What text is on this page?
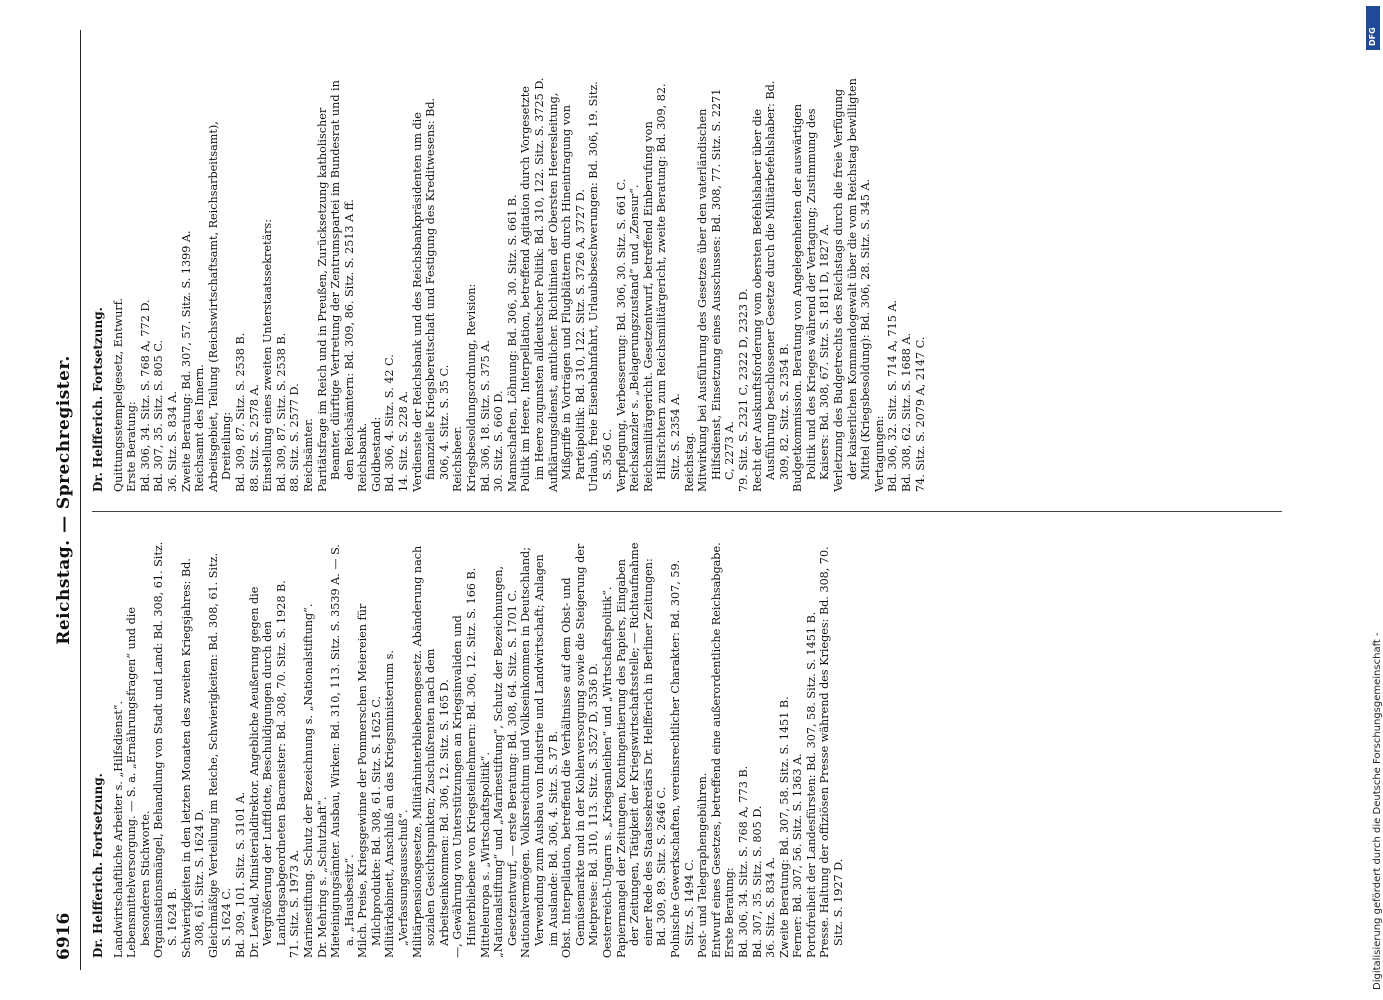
6916
Reichstag. — Sprechregister.
Dr. Helfferich. Fortsetzung. Landwirtschaftliche Arbeiter s. „Hilfsdienst“. Lebensmittelversorgung. — S. a. „Ernährungsfragen“ und die besonderen Stichworte. Organisationsmängel, Behandlung von Stadt und Land: Bd. 308, 61. Sitz. S. 1624 B. Schwierigkeiten in den letzten Monaten des zweiten Kriegsjahres: Bd. 308, 61. Sitz. S. 1624 D. Gleichmäßige Verteilung im Reiche, Schwierigkeiten: Bd. 308, 61. Sitz. S. 1624 C. Bd. 309, 101. Sitz. S. 3101 A. Dr. Lewald, Ministerialdirektor. Angebliche Aeußerung gegen die Vergrößerung der Luftflotte, Beschuldigungen durch den Landtagsabgeordneten Bacmeister: Bd. 308, 70. Sitz. S. 1928 B. 71. Sitz. S. 1973 A. Marinestiftung. Schutz der Bezeichnung s. „Nationalstiftung“. Dr. Mehring s. „Schutzhaft“. Mieteinigungsämter. Ausbau, Wirken: Bd. 310, 113. Sitz. S. 3539 A. — S. a. „Hausbesitz“. Milch. Preise, Kriegsgewinne der Pommerschen Meiereien für Milchprodukte: Bd. 308, 61. Sitz. S. 1625 C. Militärkabinett, Anschluß an das Kriegsministerium s. „Verfassungsausschuß“. Militärpensionsgesetze, Militärhinterbliebenengesetz. Abänderung nach sozialen Gesichtspunkten; Zuschußrenten nach dem Arbeitseinkommen: Bd. 306, 12. Sitz. S. 165 D. —, Gewährung von Unterstützungen an Kriegsinvaliden und Hinterbliebene von Kriegsteilnehmern: Bd. 306, 12. Sitz. S. 166 B. Mitteleuropa s. „Wirtschaftspolitik“. „Nationalstiftung“ und „Marinestiftung“, Schutz der Bezeichnungen, Gesetzentwurf, — erste Beratung: Bd. 308, 64. Sitz. S. 1701 C. Nationalvermögen. Volksreichtum und Volkseinkommen in Deutschland; Verwendung zum Ausbau von Industrie und Landwirtschaft; Anlagen im Auslande: Bd. 306, 4. Sitz. S. 37 B. Obst. Interpellation, betreffend die Verhältnisse auf dem Obst- und Gemüsemarkte und in der Kohlenversorgung sowie die Steigerung der Mietpreise: Bd. 310, 113. Sitz. S. 3527 D, 3536 D. Oesterreich-Ungarn s. „Kriegsanleihen“ und „Wirtschaftspolitik“. Papiermangel der Zeitungen, Kontingentierung des Papiers, Eingaben der Zeitungen, Tätigkeit der Kriegswirtschaftsstelle; — Richtaufnahme einer Rede des Staatssekretärs Dr. Helfferich in Berliner Zeitungen: Bd. 309, 89. Sitz. S. 2646 C. Polnische Gewerkschaften, vereinsrechtlicher Charakter: Bd. 307, 59. Sitz. S. 1494 C. Post- und Telegraphengebühren. Entwurf eines Gesetzes, betreffend eine außerordentliche Reichsabgabe. Erste Beratung: Bd. 306, 34. Sitz. S. 768 A, 773 B. Bd. 307, 35. Sitz. S. 805 D. 36. Sitz. S. 834 A. Zweite Beratung: Bd. 307, 58. Sitz. S. 1451 B. Ferner: Bd. 307, 56. Sitz. S. 1363 A. Portofreiheit der Landesfürsten: Bd. 307, 58. Sitz. S. 1451 B. Presse. Haltung der offiziösen Presse während des Krieges: Bd. 308, 70. Sitz. S. 1927 D.
Dr. Helfferich. Fortsetzung. Quittungsstempelgesetz, Entwurf. Erste Beratung: Bd. 306, 34. Sitz. S. 768 A, 772 D. Bd. 307, 35. Sitz. S. 805 C. 36. Sitz. S. 834 A. Zweite Beratung: Bd. 307, 57. Sitz. S. 1399 A. Reichsamt des Innern. Arbeitsgebiet, Teilung (Reichswirtschaftsamt, Reichsarbeitsamt), Dreiteilung: Bd. 309, 87. Sitz. S. 2538 B. 88. Sitz. S. 2578 A. Einstellung eines zweiten Unterstaatssekretärs: Bd. 309, 87. Sitz. S. 2538 B. 88. Sitz. S. 2577 D. Reichsämter. Paritätsfrage im Reich und in Preußen, Zurücksetzung katholischer Beamter, dürftige Vertretung der Zentrumspartei im Bundesrat und in den Reichsämtern: Bd. 309, 86. Sitz. S. 2513 A ff. Reichsbank. Goldbestand: Bd. 306, 4. Sitz. S. 42 C. 14. Sitz. S. 228 A. Verdienste der Reichsbank und des Reichsbankpräsidenten um die finanzielle Kriegsbereitschaft und Festigung des Kreditwesens: Bd. 306, 4. Sitz. S. 35 C. Reichsheer. Kriegsbesoldungsordnung, Revision: Bd. 306, 18. Sitz. S. 375 A. 30. Sitz. S. 660 D. Mannschaften, Löhnung: Bd. 306, 30. Sitz. S. 661 B. Politik im Heere, Interpellation, betreffend Agitation durch Vorgesetzte im Heere zugunsten alldeutscher Politik: Bd. 310, 122. Sitz. S. 3725 D. Aufklärungsdienst, amtlicher. Richtlinien der Obersten Heeresleitung, Mißgriffe in Vorträgen und Flugblättern durch Hineintragung von Parteipolitik: Bd. 310, 122. Sitz. S. 3726 A, 3727 D. Urlaub, freie Eisenbahnfahrt, Urlaubsbeschwerungen: Bd. 306, 19. Sitz. S. 356 C. Verpflegung, Verbesserung: Bd. 306, 30. Sitz. S. 661 C. Reichskanzler s. „Belagerungszustand“ und „Zensur“. Reichsmilitärgericht. Gesetzentwurf, betreffend Einberufung von Hilfsrichtern zum Reichsmilitärgericht, zweite Beratung: Bd. 309, 82. Sitz. S. 2354 A. Reichstag. Mitwirkung bei Ausführung des Gesetzes über den vaterländischen Hilfsdienst, Einsetzung eines Ausschusses: Bd. 308, 77. Sitz. S. 2271 C, 2273 A. 79. Sitz. S. 2321 C, 2322 D, 2323 D. Recht der Auskunftsforderung vom obersten Befehlshaber über die Ausführung beschlossener Gesetze durch die Militärbefehlshaber: Bd. 309, 82. Sitz. S. 2354 B. Budgetkommission. Beratung von Angelegenheiten der auswärtigen Politik und des Krieges während der Vertagung; Zustimmung des Kaisers: Bd. 308, 67. Sitz. S. 1811 D, 1827 A. Verletzung des Budgetrechts des Reichstags durch die freie Verfügung der kaiserlichen Kommandogewalt über die vom Reichstag bewilligten Mittel (Kriegsbesoldung): Bd. 306, 28. Sitz. S. 345 A. Vertagungen: Bd. 306, 32. Sitz. S. 714 A, 715 A. Bd. 308, 62. Sitz. S. 1688 A. 74. Sitz. S. 2079 A, 2147 C.
Digitalisierung gefördert durch die Deutsche Forschungsgemeinschaft -
DFG
